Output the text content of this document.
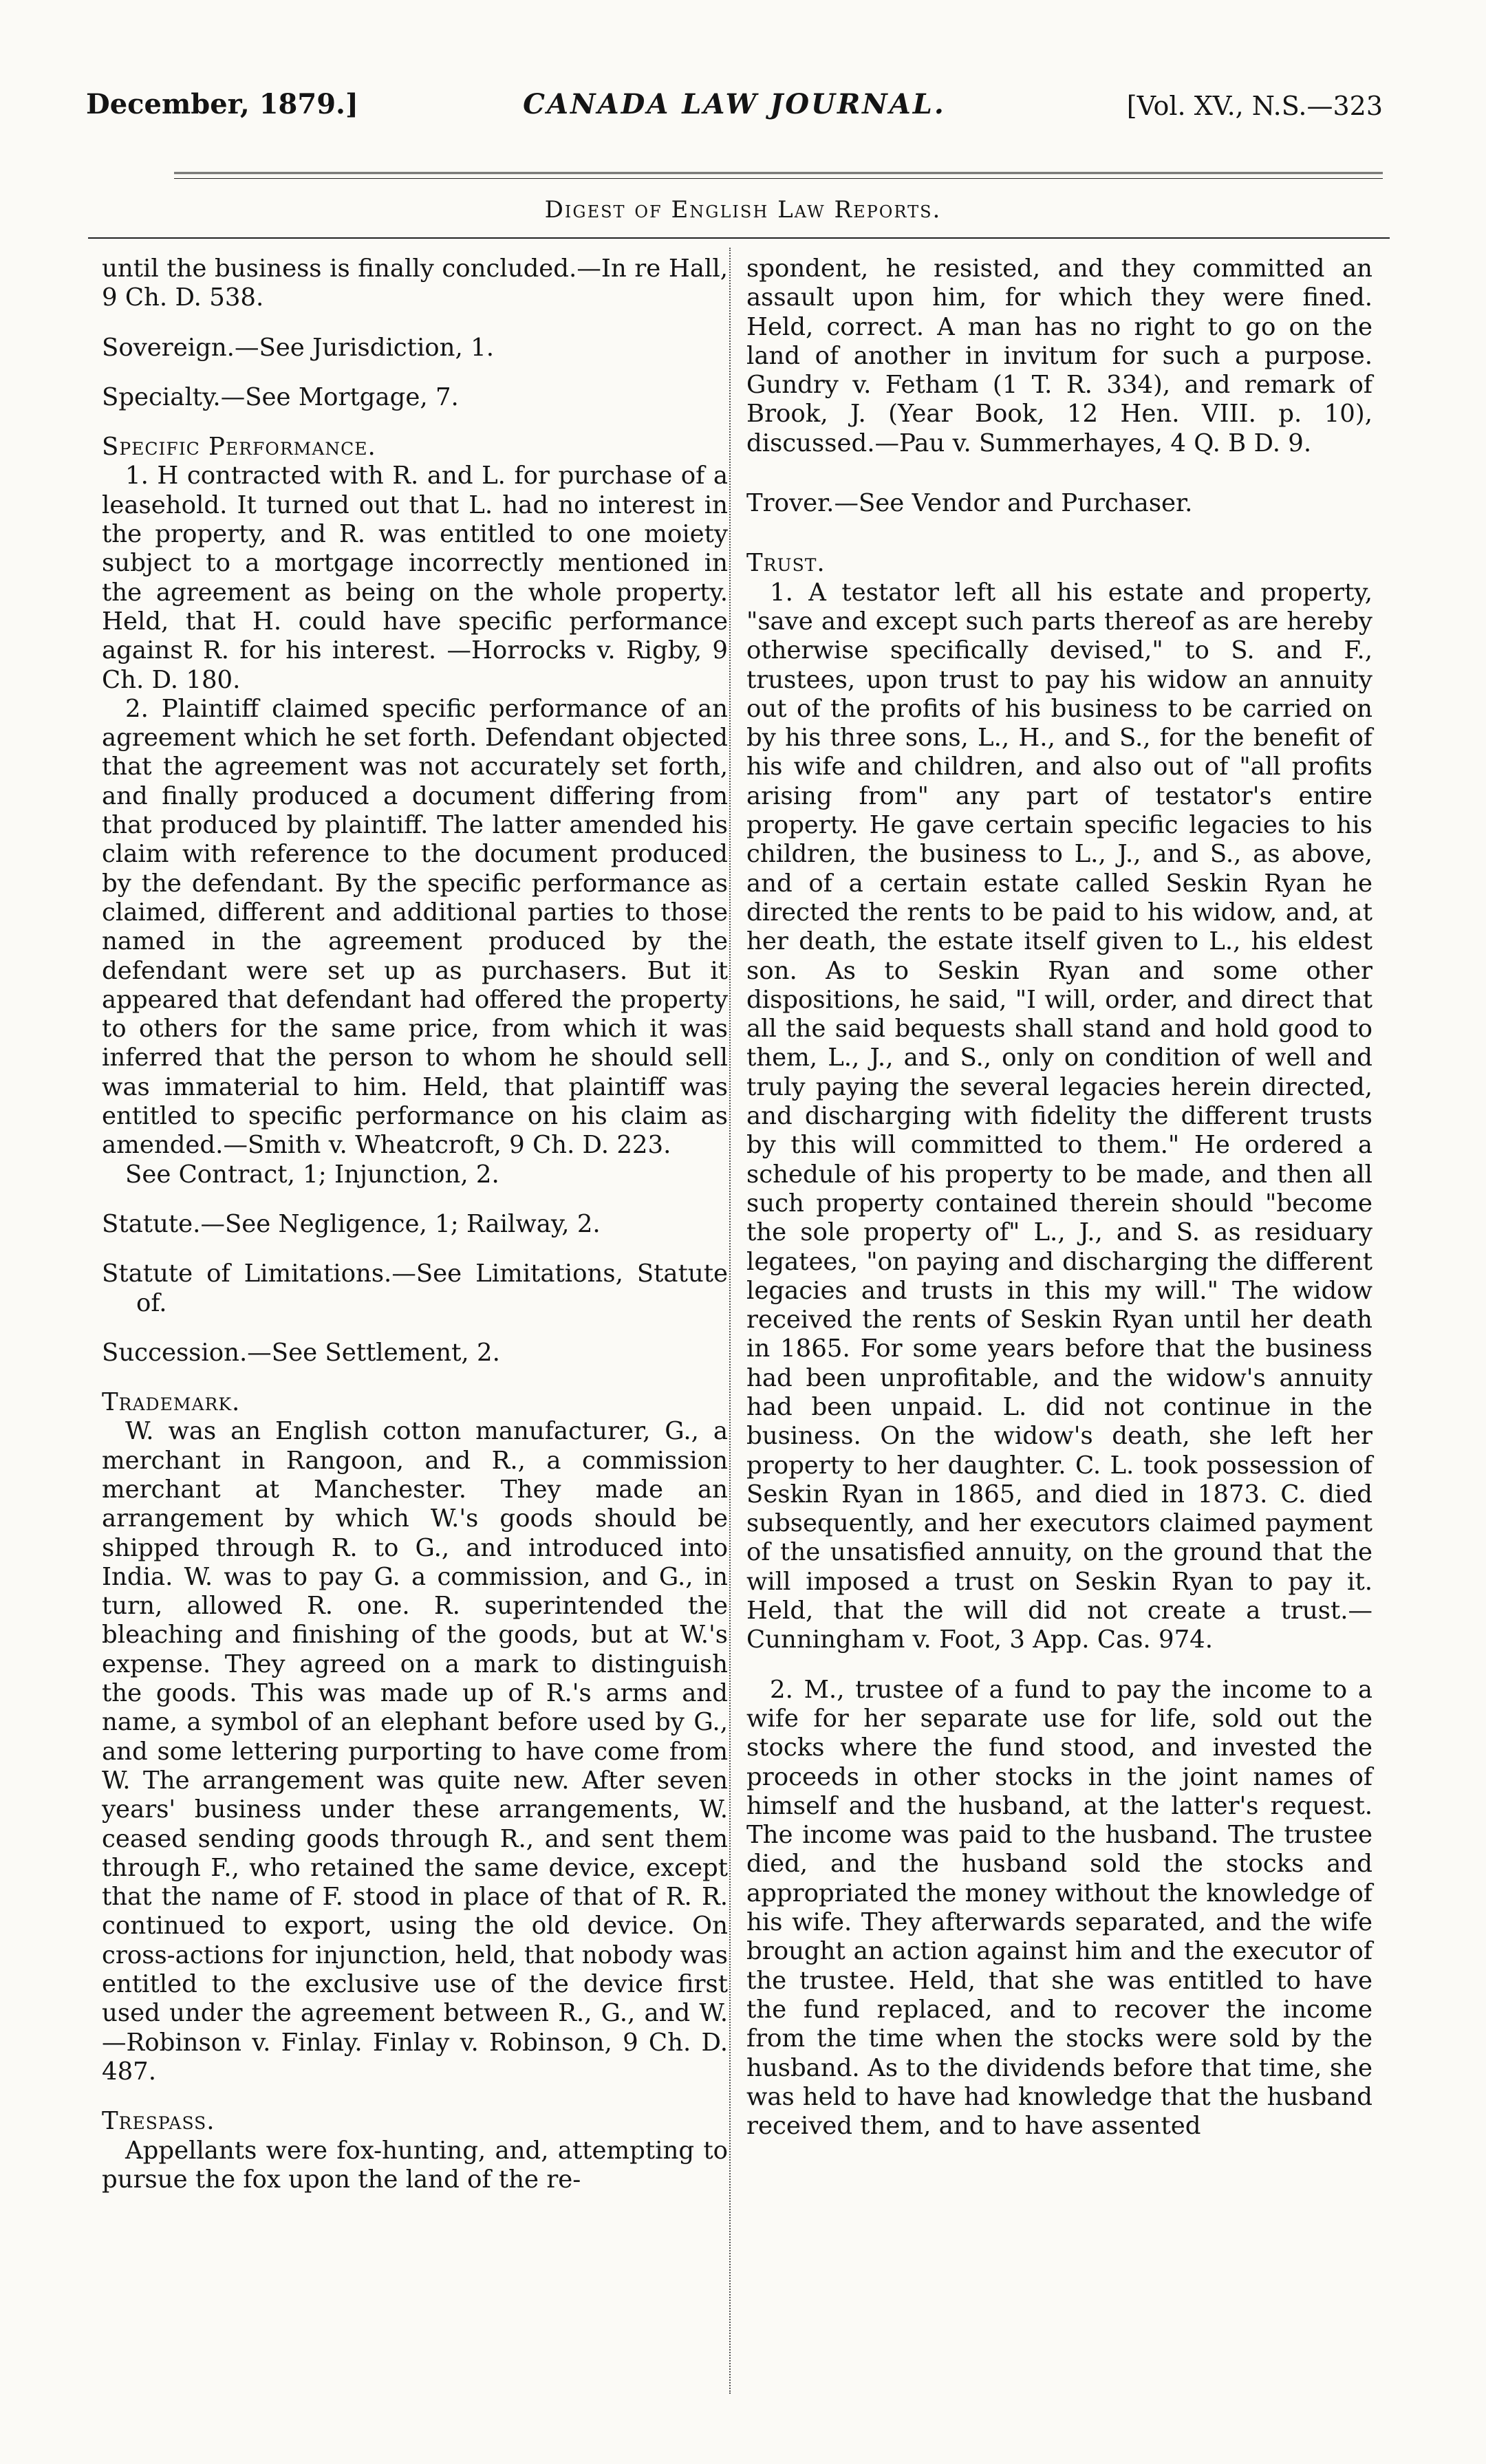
December, 1879.]	CANADA LAW JOURNAL.	[Vol. XV., N.S.—323
Digest of English Law Reports.

until the business is finally concluded.—In re Hall, 9 Ch. D. 538.

Sovereign.—See Jurisdiction, 1.

Specialty.—See Mortgage, 7.

Specific Performance.

1. H contracted with R. and L. for purchase of a leasehold. It turned out that L. had no interest in the property, and R. was entitled to one moiety subject to a mortgage incorrectly mentioned in the agreement as being on the whole property. Held, that H. could have specific performance against R. for his interest. —Horrocks v. Rigby, 9 Ch. D. 180.

2. Plaintiff claimed specific performance of an agreement which he set forth. Defendant objected that the agreement was not accurately set forth, and finally produced a document differing from that produced by plaintiff. The latter amended his claim with reference to the document produced by the defendant. By the specific performance as claimed, different and additional parties to those named in the agreement produced by the defendant were set up as purchasers. But it appeared that defendant had offered the property to others for the same price, from which it was inferred that the person to whom he should sell was immaterial to him. Held, that plaintiff was entitled to specific performance on his claim as amended.—Smith v. Wheatcroft, 9 Ch. D. 223.

See Contract, 1; Injunction, 2.

Statute.—See Negligence, 1; Railway, 2.

Statute of Limitations.—See Limitations, Statute of.

Succession.—See Settlement, 2.

Trademark.

W. was an English cotton manufacturer, G., a merchant in Rangoon, and R., a commission merchant at Manchester. They made an arrangement by which W.'s goods should be shipped through R. to G., and introduced into India. W. was to pay G. a commission, and G., in turn, allowed R. one. R. superintended the bleaching and finishing of the goods, but at W.'s expense. They agreed on a mark to distinguish the goods. This was made up of R.'s arms and name, a symbol of an elephant before used by G., and some lettering purporting to have come from W. The arrangement was quite new. After seven years' business under these arrangements, W. ceased sending goods through R., and sent them through F., who retained the same device, except that the name of F. stood in place of that of R. R. continued to export, using the old device. On cross-actions for injunction, held, that nobody was entitled to the exclusive use of the device first used under the agreement between R., G., and W.—Robinson v. Finlay. Finlay v. Robinson, 9 Ch. D. 487.

Trespass.

Appellants were fox-hunting, and, attempting to pursue the fox upon the land of the re-

spondent, he resisted, and they committed an assault upon him, for which they were fined. Held, correct. A man has no right to go on the land of another in invitum for such a purpose. Gundry v. Fetham (1 T. R. 334), and remark of Brook, J. (Year Book, 12 Hen. VIII. p. 10), discussed.—Pau v. Summerhayes, 4 Q. B D. 9.

Trover.—See Vendor and Purchaser.

Trust.

1. A testator left all his estate and property, "save and except such parts thereof as are hereby otherwise specifically devised," to S. and F., trustees, upon trust to pay his widow an annuity out of the profits of his business to be carried on by his three sons, L., H., and S., for the benefit of his wife and children, and also out of "all profits arising from" any part of testator's entire property. He gave certain specific legacies to his children, the business to L., J., and S., as above, and of a certain estate called Seskin Ryan he directed the rents to be paid to his widow, and, at her death, the estate itself given to L., his eldest son. As to Seskin Ryan and some other dispositions, he said, "I will, order, and direct that all the said bequests shall stand and hold good to them, L., J., and S., only on condition of well and truly paying the several legacies herein directed, and discharging with fidelity the different trusts by this will committed to them." He ordered a schedule of his property to be made, and then all such property contained therein should "become the sole property of" L., J., and S. as residuary legatees, "on paying and discharging the different legacies and trusts in this my will." The widow received the rents of Seskin Ryan until her death in 1865. For some years before that the business had been unprofitable, and the widow's annuity had been unpaid. L. did not continue in the business. On the widow's death, she left her property to her daughter. C. L. took possession of Seskin Ryan in 1865, and died in 1873. C. died subsequently, and her executors claimed payment of the unsatisfied annuity, on the ground that the will imposed a trust on Seskin Ryan to pay it. Held, that the will did not create a trust.—Cunningham v. Foot, 3 App. Cas. 974.

2. M., trustee of a fund to pay the income to a wife for her separate use for life, sold out the stocks where the fund stood, and invested the proceeds in other stocks in the joint names of himself and the husband, at the latter's request. The income was paid to the husband. The trustee died, and the husband sold the stocks and appropriated the money without the knowledge of his wife. They afterwards separated, and the wife brought an action against him and the executor of the trustee. Held, that she was entitled to have the fund replaced, and to recover the income from the time when the stocks were sold by the husband. As to the dividends before that time, she was held to have had knowledge that the husband received them, and to have assented
